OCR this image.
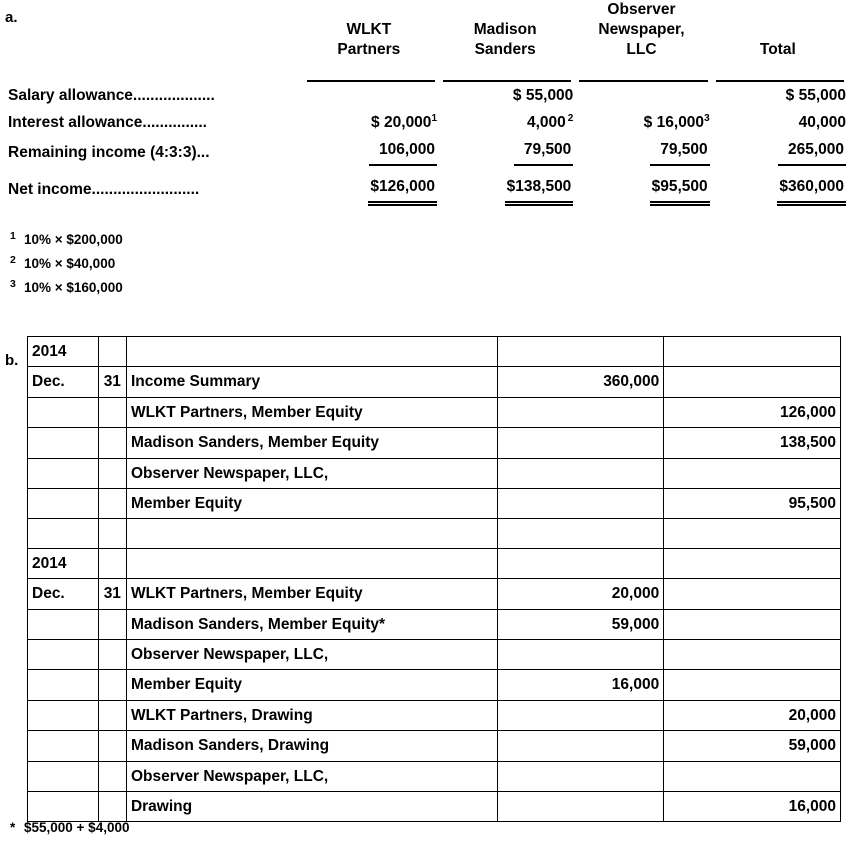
a.
				Observer	
	WLKT	Madison	Newspaper,	
	Partners	Sanders	LLC	Total

Salary allowance...................		$ 55,000		$ 55,000
Interest allowance...............	$ 20,000$^1$	4,000 $^2$	$ 16,000$^3$	40,000
Remaining income (4:3:3)...	106,000	79,500	79,500	265,000

Net income.........................	$126,000	$138,500	$95,500	$360,000
1 10% × $200,000
2 10% × $40,000
3 10% × $160,000
b.
2014				
Dec.	31	Income Summary	360,000	
		WLKT Partners, Member Equity		126,000
		Madison Sanders, Member Equity		138,500
		Observer Newspaper, LLC,		
		Member Equity		95,500

2014				
Dec.	31	WLKT Partners, Member Equity	20,000	
		Madison Sanders, Member Equity*	59,000	
		Observer Newspaper, LLC,		
		Member Equity	16,000	
		WLKT Partners, Drawing		20,000
		Madison Sanders, Drawing		59,000
		Observer Newspaper, LLC,		
		Drawing		16,000
* $55,000 + $4,000
